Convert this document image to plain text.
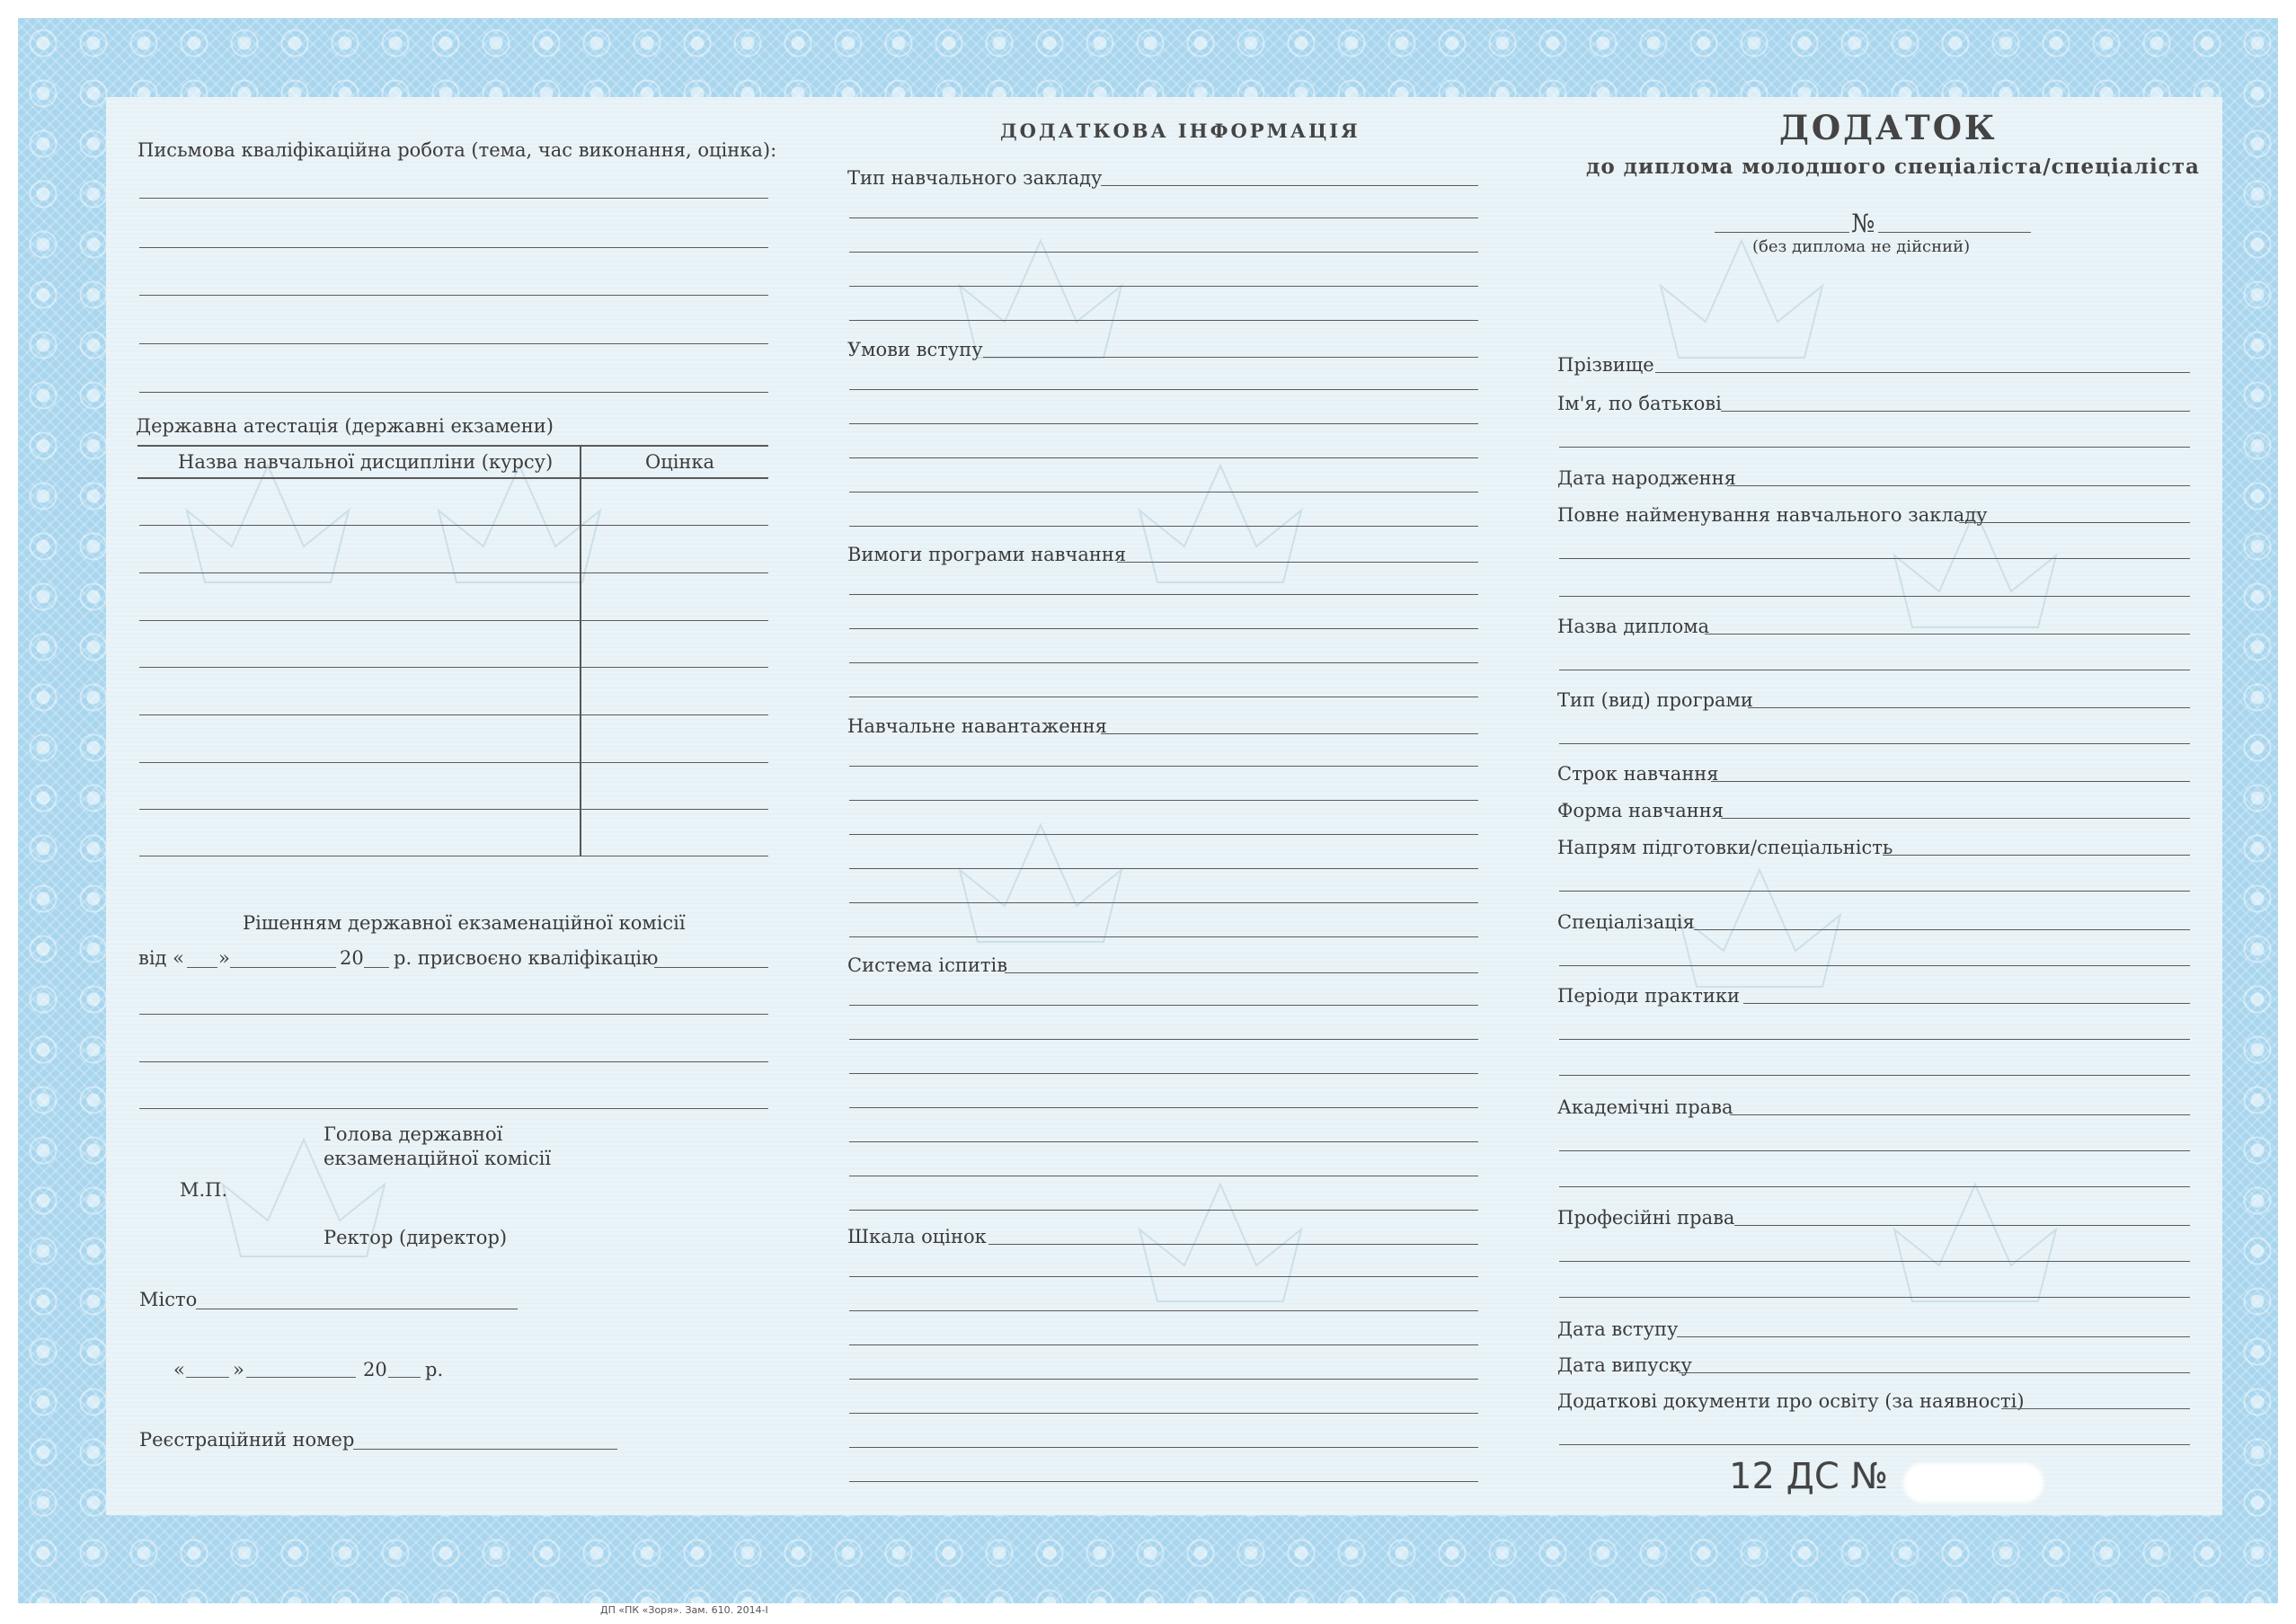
Письмова кваліфікаційна робота (тема, час виконання, оцінка):
Державна атестація (державні екзамени)
Назва навчальної дисципліни (курсу)	Оцінка
Рішенням державної екзаменаційної комісії
від « »	20 р. присвоєно кваліфікацію
Голова державної
екзаменаційної комісії
М.П.
Ректор (директор)
Місто
«	»	20 р.
Реєстраційний номер
ДОДАТКОВА ІНФОРМАЦІЯ
Тип навчального закладу
Умови вступу
Вимоги програми навчання
Навчальне навантаження
Система іспитів
Шкала оцінок
ДОДАТОК
до диплома молодшого спеціаліста/спеціаліста
№
(без диплома не дійсний)
Прізвище
Ім'я, по батькові
Дата народження
Повне найменування навчального закладу
Назва диплома
Тип (вид) програми
Строк навчання
Форма навчання
Напрям підготовки/спеціальність
Спеціалізація
Періоди практики
Академічні права
Професійні права
Дата вступу
Дата випуску
Додаткові документи про освіту (за наявності)
12 ДС №
ДП «ПК «Зоря». Зам. 610. 2014-І
